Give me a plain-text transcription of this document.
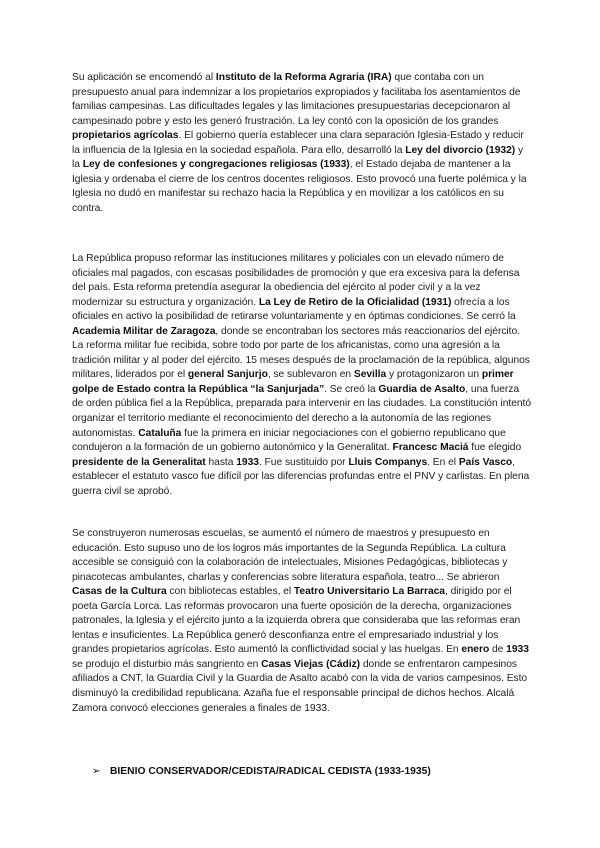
Su aplicación se encomendó al Instituto de la Reforma Agraria (IRA) que contaba con un presupuesto anual para indemnizar a los propietarios expropiados y facilitaba los asentamientos de familias campesinas. Las dificultades legales y las limitaciones presupuestarias decepcionaron al campesinado pobre y esto les generó frustración. La ley contó con la oposición de los grandes propietarios agrícolas. El gobierno quería establecer una clara separación Iglesia-Estado y reducir la influencia de la Iglesia en la sociedad española. Para ello, desarrolló la Ley del divorcio (1932) y la Ley de confesiones y congregaciones religiosas (1933), el Estado dejaba de mantener a la Iglesia y ordenaba el cierre de los centros docentes religiosos. Esto provocó una fuerte polémica y la Iglesia no dudó en manifestar su rechazo hacia la República y en movilizar a los católicos en su contra.

La República propuso reformar las instituciones militares y policiales con un elevado número de oficiales mal pagados, con escasas posibilidades de promoción y que era excesiva para la defensa del país. Esta reforma pretendía asegurar la obediencia del ejército al poder civil y a la vez modernizar su estructura y organización. La Ley de Retiro de la Oficialidad (1931) ofrecía a los oficiales en activo la posibilidad de retirarse voluntariamente y en óptimas condiciones. Se cerró la Academia Militar de Zaragoza, donde se encontraban los sectores más reaccionarios del ejército. La reforma militar fue recibida, sobre todo por parte de los africanistas, como una agresión a la tradición militar y al poder del ejército. 15 meses después de la proclamación de la república, algunos militares, liderados por el general Sanjurjo, se sublevaron en Sevilla y protagonizaron un primer golpe de Estado contra la República “la Sanjurjada”. Se creó la Guardia de Asalto, una fuerza de orden pública fiel a la República, preparada para intervenir en las ciudades. La constitución intentó organizar el territorio mediante el reconocimiento del derecho a la autonomía de las regiones autonomistas. Cataluña fue la primera en iniciar negociaciones con el gobierno republicano que condujeron a la formación de un gobierno autonómico y la Generalitat. Francesc Maciá fue elegido presidente de la Generalitat hasta 1933. Fue sustituido por Lluis Companys. En el País Vasco, establecer el estatuto vasco fue difícil por las diferencias profundas entre el PNV y carlistas. En plena guerra civil se aprobó.

Se construyeron numerosas escuelas, se aumentó el número de maestros y presupuesto en educación. Esto supuso uno de los logros más importantes de la Segunda República. La cultura accesible se consiguió con la colaboración de intelectuales, Misiones Pedagógicas, bibliotecas y pinacotecas ambulantes, charlas y conferencias sobre literatura española, teatro... Se abrieron Casas de la Cultura con bibliotecas estables, el Teatro Universitario La Barraca, dirigido por el poeta García Lorca. Las reformas provocaron una fuerte oposición de la derecha, organizaciones patronales, la Iglesia y el ejército junto a la izquierda obrera que consideraba que las reformas eran lentas e insuficientes. La República generó desconfianza entre el empresariado industrial y los grandes propietarios agrícolas. Esto aumentó la conflictividad social y las huelgas. En enero de 1933 se produjo el disturbio más sangriento en Casas Viejas (Cádiz) donde se enfrentaron campesinos afiliados a CNT, la Guardia Civil y la Guardia de Asalto acabó con la vida de varios campesinos. Esto disminuyó la credibilidad republicana. Azaña fue el responsable principal de dichos hechos. Alcalá Zamora convocó elecciones generales a finales de 1933.

➢ BIENIO CONSERVADOR/CEDISTA/RADICAL CEDISTA (1933-1935)
